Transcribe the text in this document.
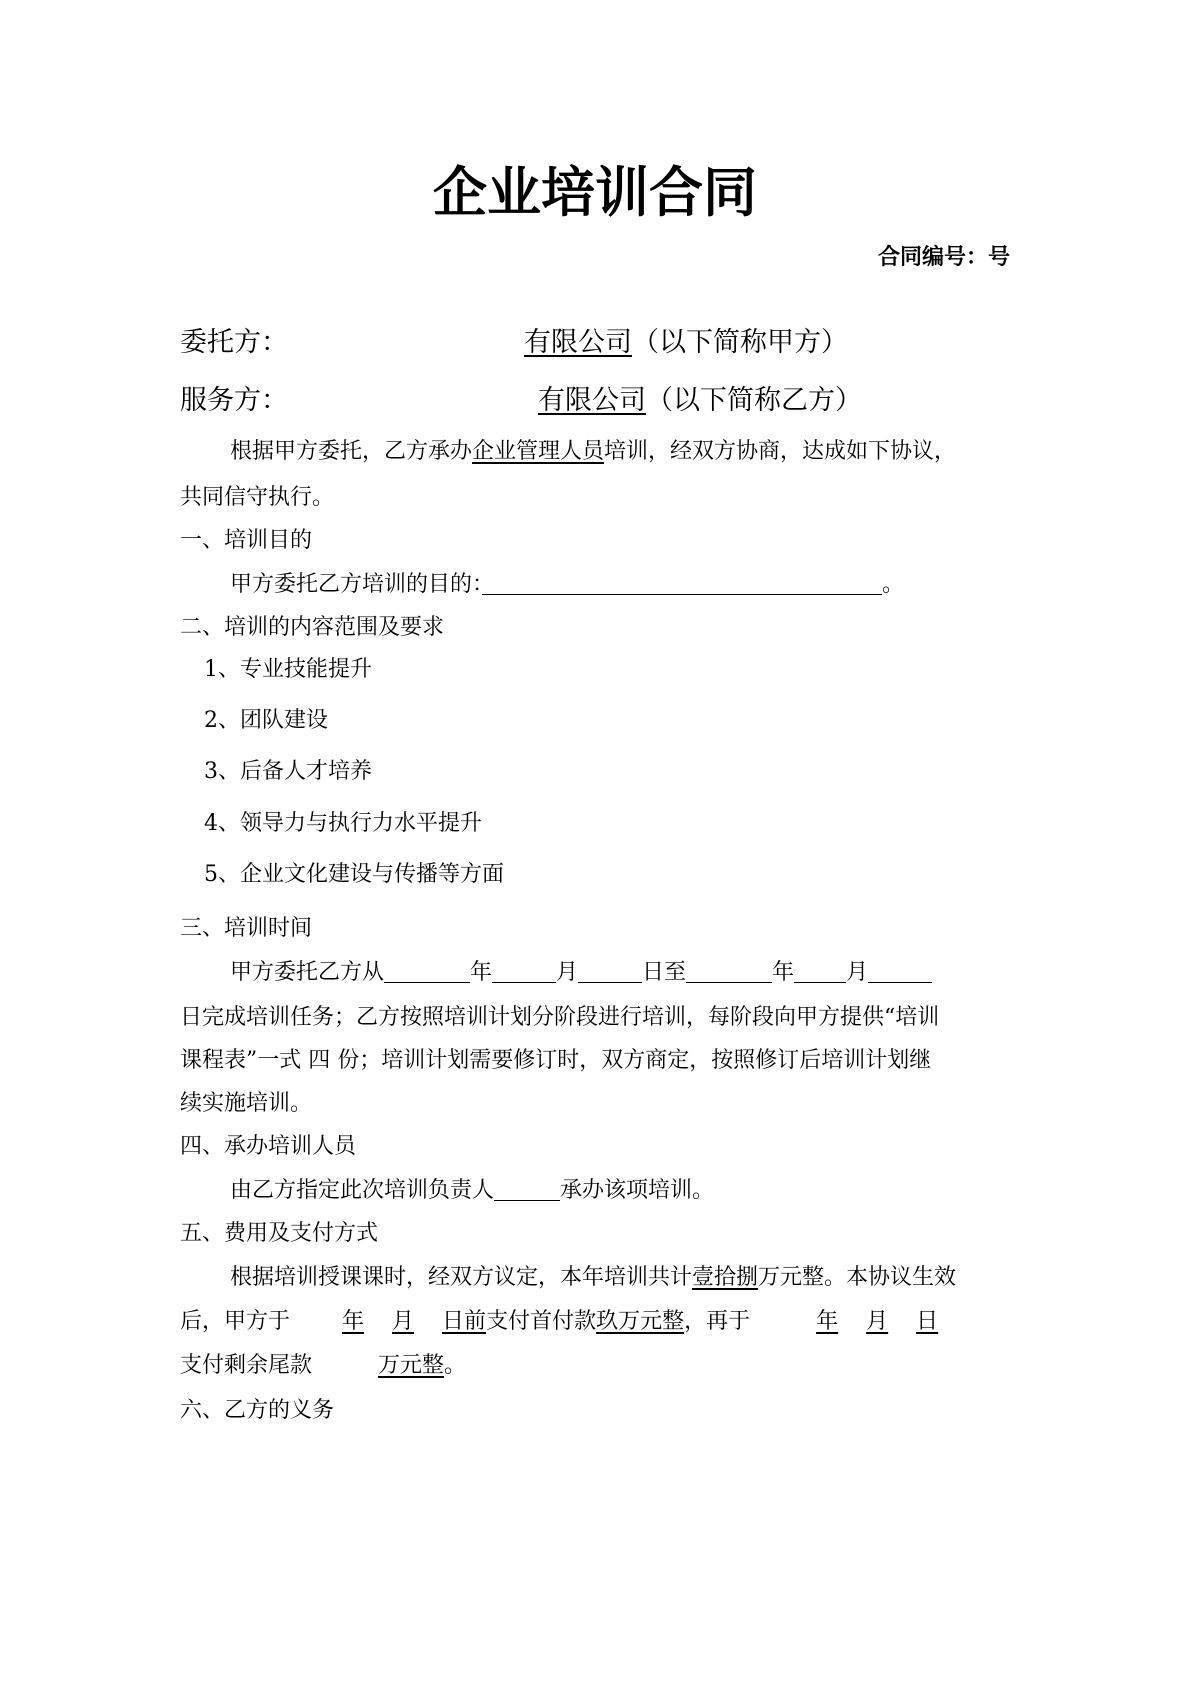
企业培训合同
合同编号：号
委托方：	有限公司（以下简称甲方）
服务方：	有限公司（以下简称乙方）
根据甲方委托，乙方承办企业管理人员培训，经双方协商，达成如下协议，
共同信守执行。
一、培训目的
甲方委托乙方培训的目的：	。
二、培训的内容范围及要求
1、专业技能提升
2、团队建设
3、后备人才培养
4、领导力与执行力水平提升
5、企业文化建设与传播等方面
三、培训时间
甲方委托乙方从	年	月	日至	年 月
日完成培训任务；乙方按照培训计划分阶段进行培训，每阶段向甲方提供“培训
课程表”一式 四 份；培训计划需要修订时，双方商定，按照修订后培训计划继
续实施培训。
四、承办培训人员
由乙方指定此次培训负责人	承办该项培训。
五、费用及支付方式
根据培训授课课时，经双方议定，本年培训共计壹拾捌万元整。本协议生效
后，甲方于 年 月 日前支付首付款玖万元整，再于	年 月 日
支付剩余尾款	万元整。
六、乙方的义务
